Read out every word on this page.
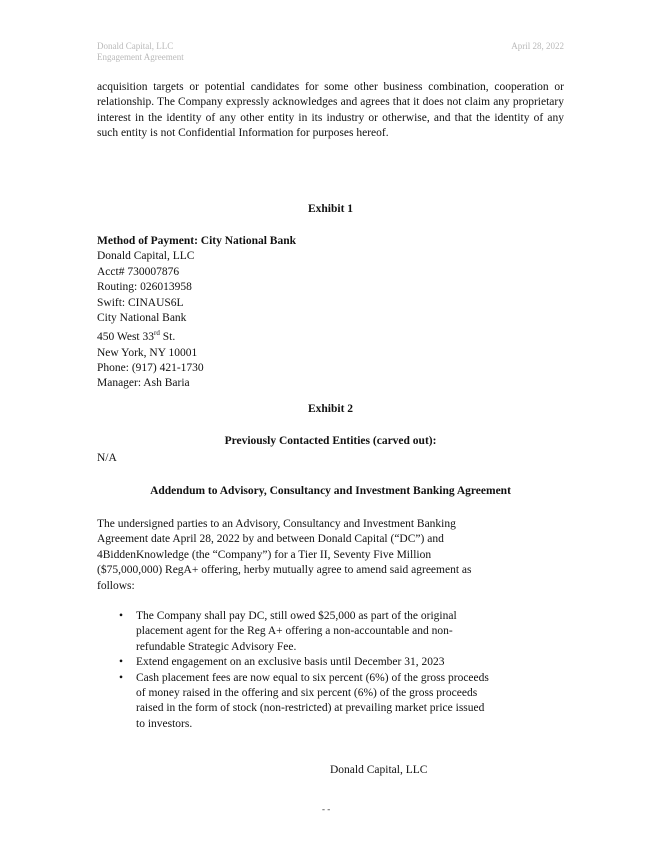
Donald Capital, LLC
Engagement Agreement
April 28, 2022
acquisition targets or potential candidates for some other business combination, cooperation or relationship. The Company expressly acknowledges and agrees that it does not claim any proprietary interest in the identity of any other entity in its industry or otherwise, and that the identity of any such entity is not Confidential Information for purposes hereof.
Exhibit 1
Method of Payment: City National Bank
Donald Capital, LLC
Acct# 730007876
Routing: 026013958
Swift: CINAUS6L
City National Bank
450 West 33rd St.
New York, NY 10001
Phone: (917) 421-1730
Manager: Ash Baria
Exhibit 2
Previously Contacted Entities (carved out):
N/A
Addendum to Advisory, Consultancy and Investment Banking Agreement
The undersigned parties to an Advisory, Consultancy and Investment Banking
Agreement date April 28, 2022 by and between Donald Capital (“DC”) and
4BiddenKnowledge (the “Company”) for a Tier II, Seventy Five Million
($75,000,000) RegA+ offering, herby mutually agree to amend said agreement as
follows:
• The Company shall pay DC, still owed $25,000 as part of the original
placement agent for the Reg A+ offering a non-accountable and non-
refundable Strategic Advisory Fee.
• Extend engagement on an exclusive basis until December 31, 2023
• Cash placement fees are now equal to six percent (6%) of the gross proceeds
of money raised in the offering and six percent (6%) of the gross proceeds
raised in the form of stock (non-restricted) at prevailing market price issued
to investors.
Donald Capital, LLC
- -
